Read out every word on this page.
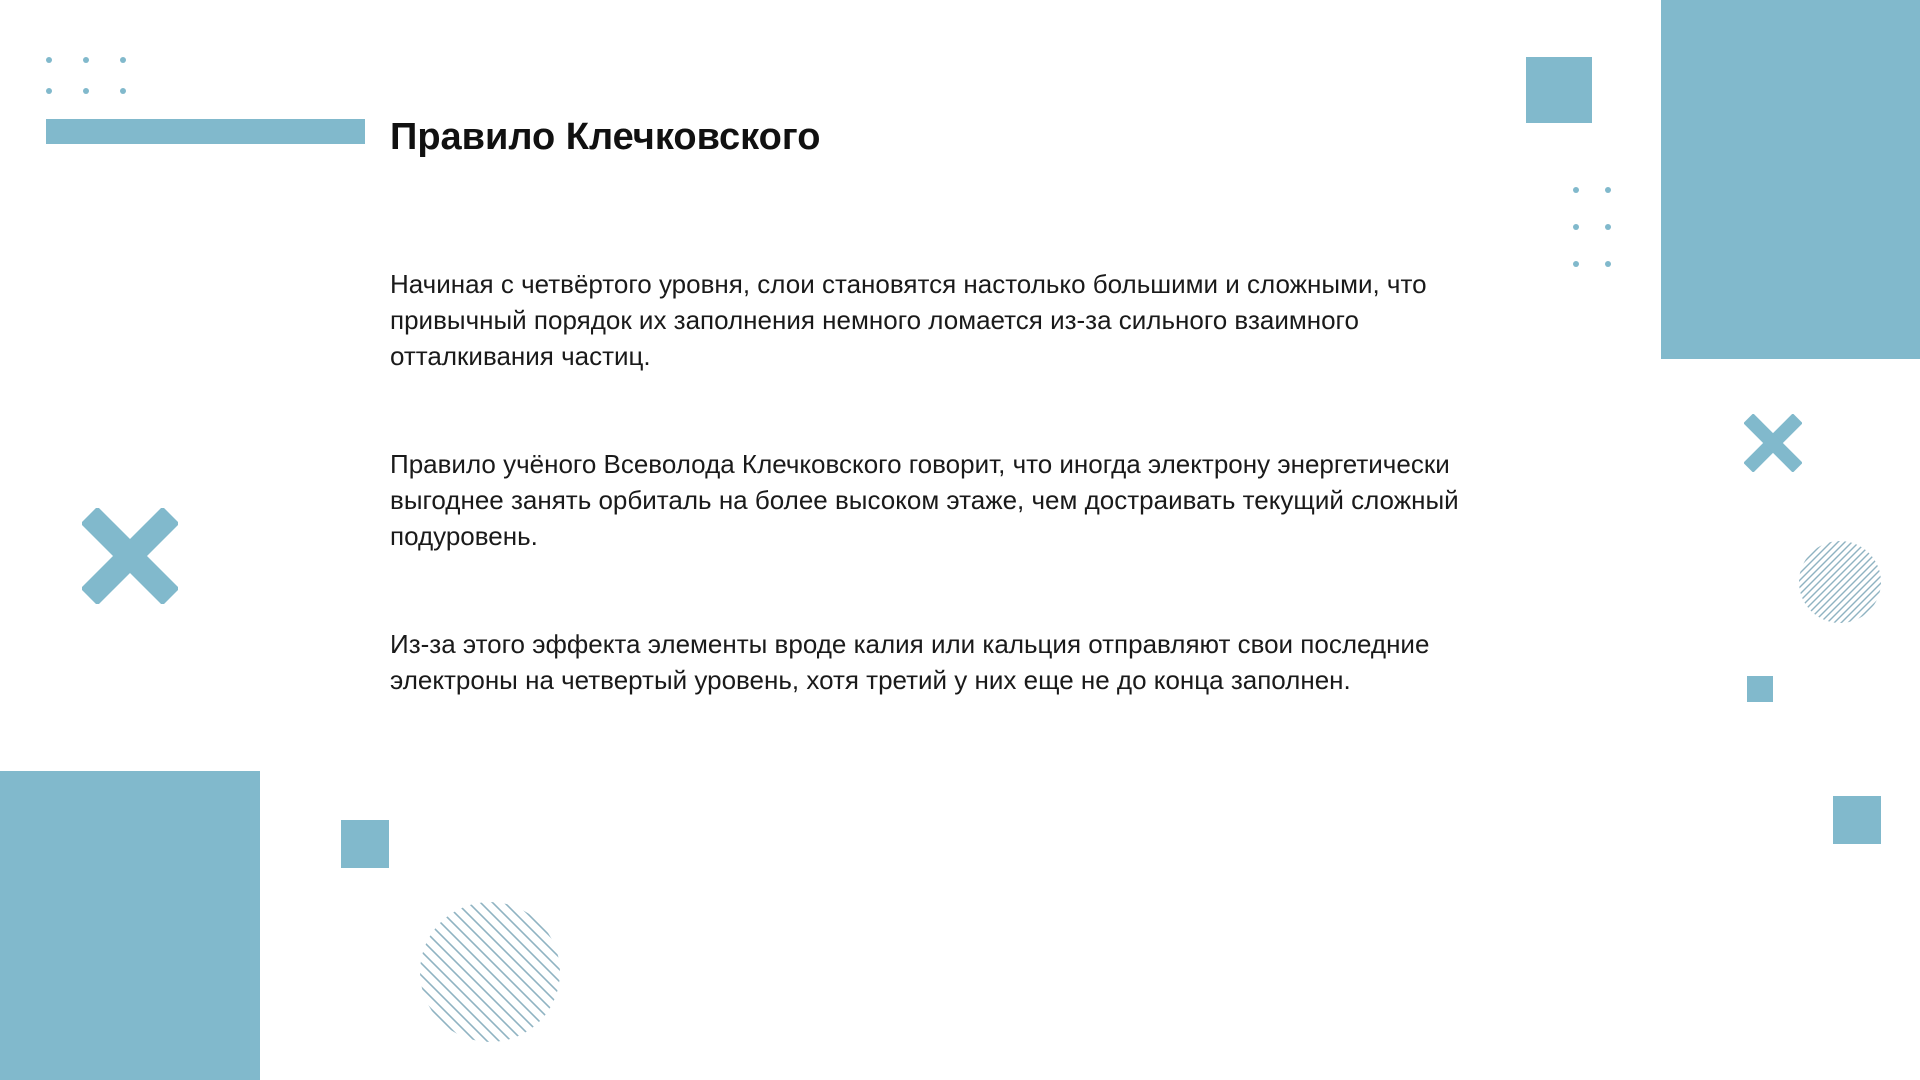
Правило Клечковского

Начиная с четвёртого уровня, слои становятся настолько большими и сложными, что привычный порядок их заполнения немного ломается из-за сильного взаимного отталкивания частиц.

Правило учёного Всеволода Клечковского говорит, что иногда электрону энергетически выгоднее занять орбиталь на более высоком этаже, чем достраивать текущий сложный подуровень.

Из-за этого эффекта элементы вроде калия или кальция отправляют свои последние электроны на четвертый уровень, хотя третий у них еще не до конца заполнен.
